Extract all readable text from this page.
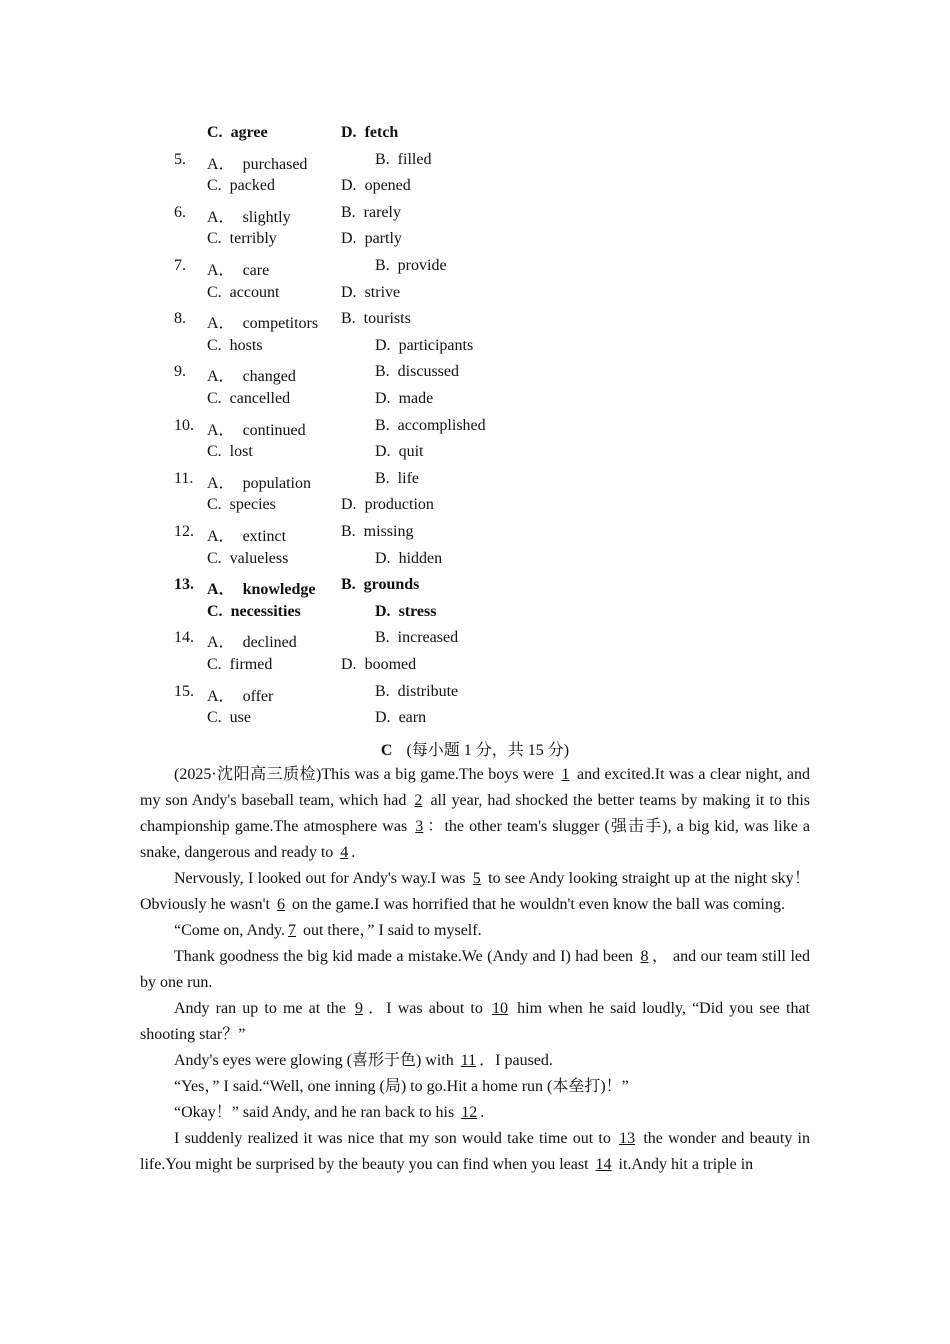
C. agree	D. fetch
5. A． purchased	B. filled
C. packed	D. opened
6. A． slightly	B. rarely
C. terribly	D. partly
7. A． care	B. provide
C. account	D. strive
8. A． competitors B. tourists
C. hosts	D. participants
9. A． changed	B. discussed
C. cancelled	D. made
10. A． continued	B. accomplished
C. lost	D. quit
11. A． population	B. life
C. species	D. production
12. A． extinct	B. missing
C. valueless	D. hidden
13. A． knowledge B. grounds
C. necessities	D. stress
14. A． declined	B. increased
C. firmed	D. boomed
15. A． offer	B. distribute
C. use	D. earn
C (每小题 1 分，共 15 分)

(2025·沈阳高三质检)This was a big game.The boys were 1 and excited.It was a clear night, and my son Andy's baseball team, which had 2 all year, had shocked the better teams by making it to this championship game.The atmosphere was 3 ：the other team's slugger (强击手), a big kid, was like a snake, dangerous and ready to 4 .

Nervously, I looked out for Andy's way.I was 5 to see Andy looking straight up at the night sky！Obviously he wasn't 6 on the game.I was horrified that he wouldn't even know the ball was coming.

“Come on, Andy. 7 out there，” I said to myself.

Thank goodness the big kid made a mistake.We (Andy and I) had been 8 ， and our team still led by one run.

Andy ran up to me at the 9 ．I was about to 10 him when he said loudly, “Did you see that shooting star？”

Andy's eyes were glowing (喜形于色) with 11 ．I paused.

“Yes，” I said.“Well, one inning (局) to go.Hit a home run (本垒打)！”

“Okay！” said Andy, and he ran back to his 12 .

I suddenly realized it was nice that my son would take time out to 13 the wonder and beauty in life.You might be surprised by the beauty you can find when you least 14 it.Andy hit a triple in
